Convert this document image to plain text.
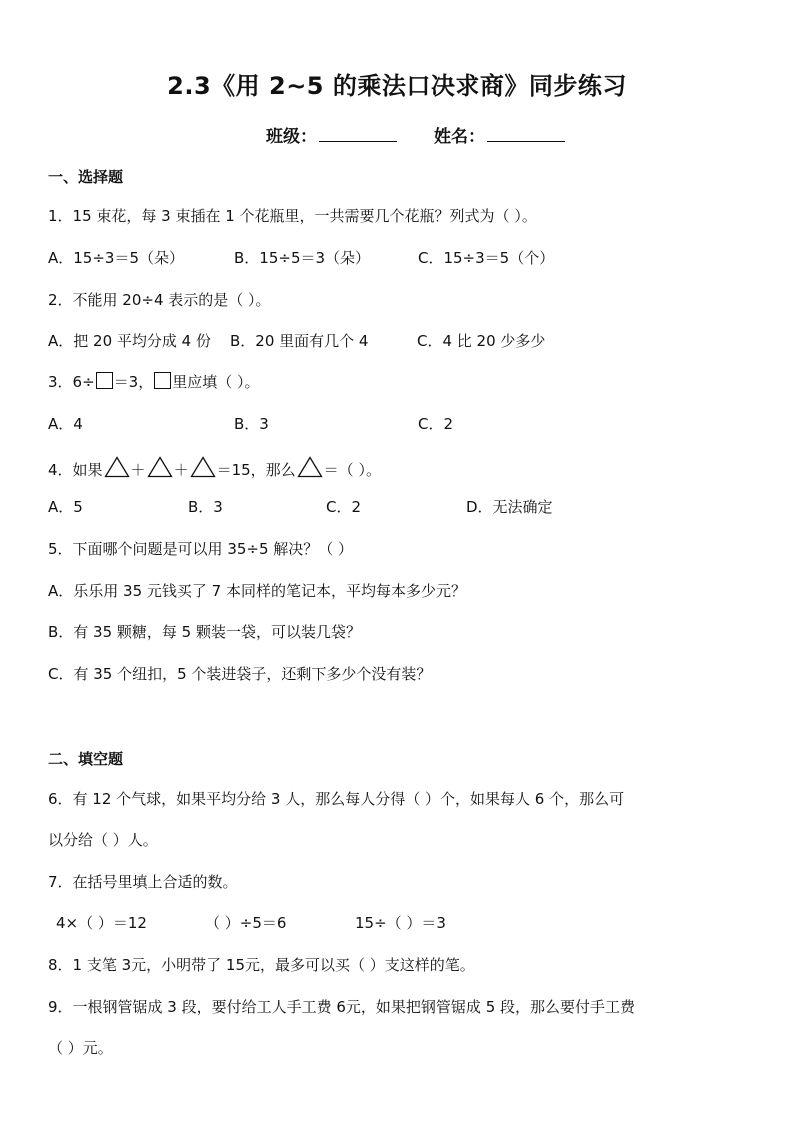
2.3《用 2~5 的乘法口决求商》同步练习
班级：	姓名：
一、选择题
1．15 束花，每 3 束插在 1 个花瓶里，一共需要几个花瓶？列式为（ ）。
A．15÷3＝5（朵）	B．15÷5＝3（朵）	C．15÷3＝5（个）
2．不能用 20÷4 表示的是（ ）。
A．把 20 平均分成 4 份 B．20 里面有几个 4	C．4 比 20 少多少
3．6÷ ＝3， 里应填（ ）。
A．4	B．3	C．2
4．如果 ＋ ＋ ＝15，那么 ＝（ ）。
A．5	B．3	C．2	D．无法确定
5．下面哪个问题是可以用 35÷5 解决？（ ）
A．乐乐用 35 元钱买了 7 本同样的笔记本，平均每本多少元？
B．有 35 颗糖，每 5 颗装一袋，可以装几袋？
C．有 35 个纽扣，5 个装进袋子，还剩下多少个没有装？
二、填空题
6．有 12 个气球，如果平均分给 3 人，那么每人分得（ ）个，如果每人 6 个，那么可
以分给（ ）人。
7．在括号里填上合适的数。
4×（ ）＝12	（ ）÷5＝6	15÷（ ）＝3
8．1 支笔 3元，小明带了 15元，最多可以买（ ）支这样的笔。
9．一根钢管锯成 3 段，要付给工人手工费 6元，如果把钢管锯成 5 段，那么要付手工费
（ ）元。
